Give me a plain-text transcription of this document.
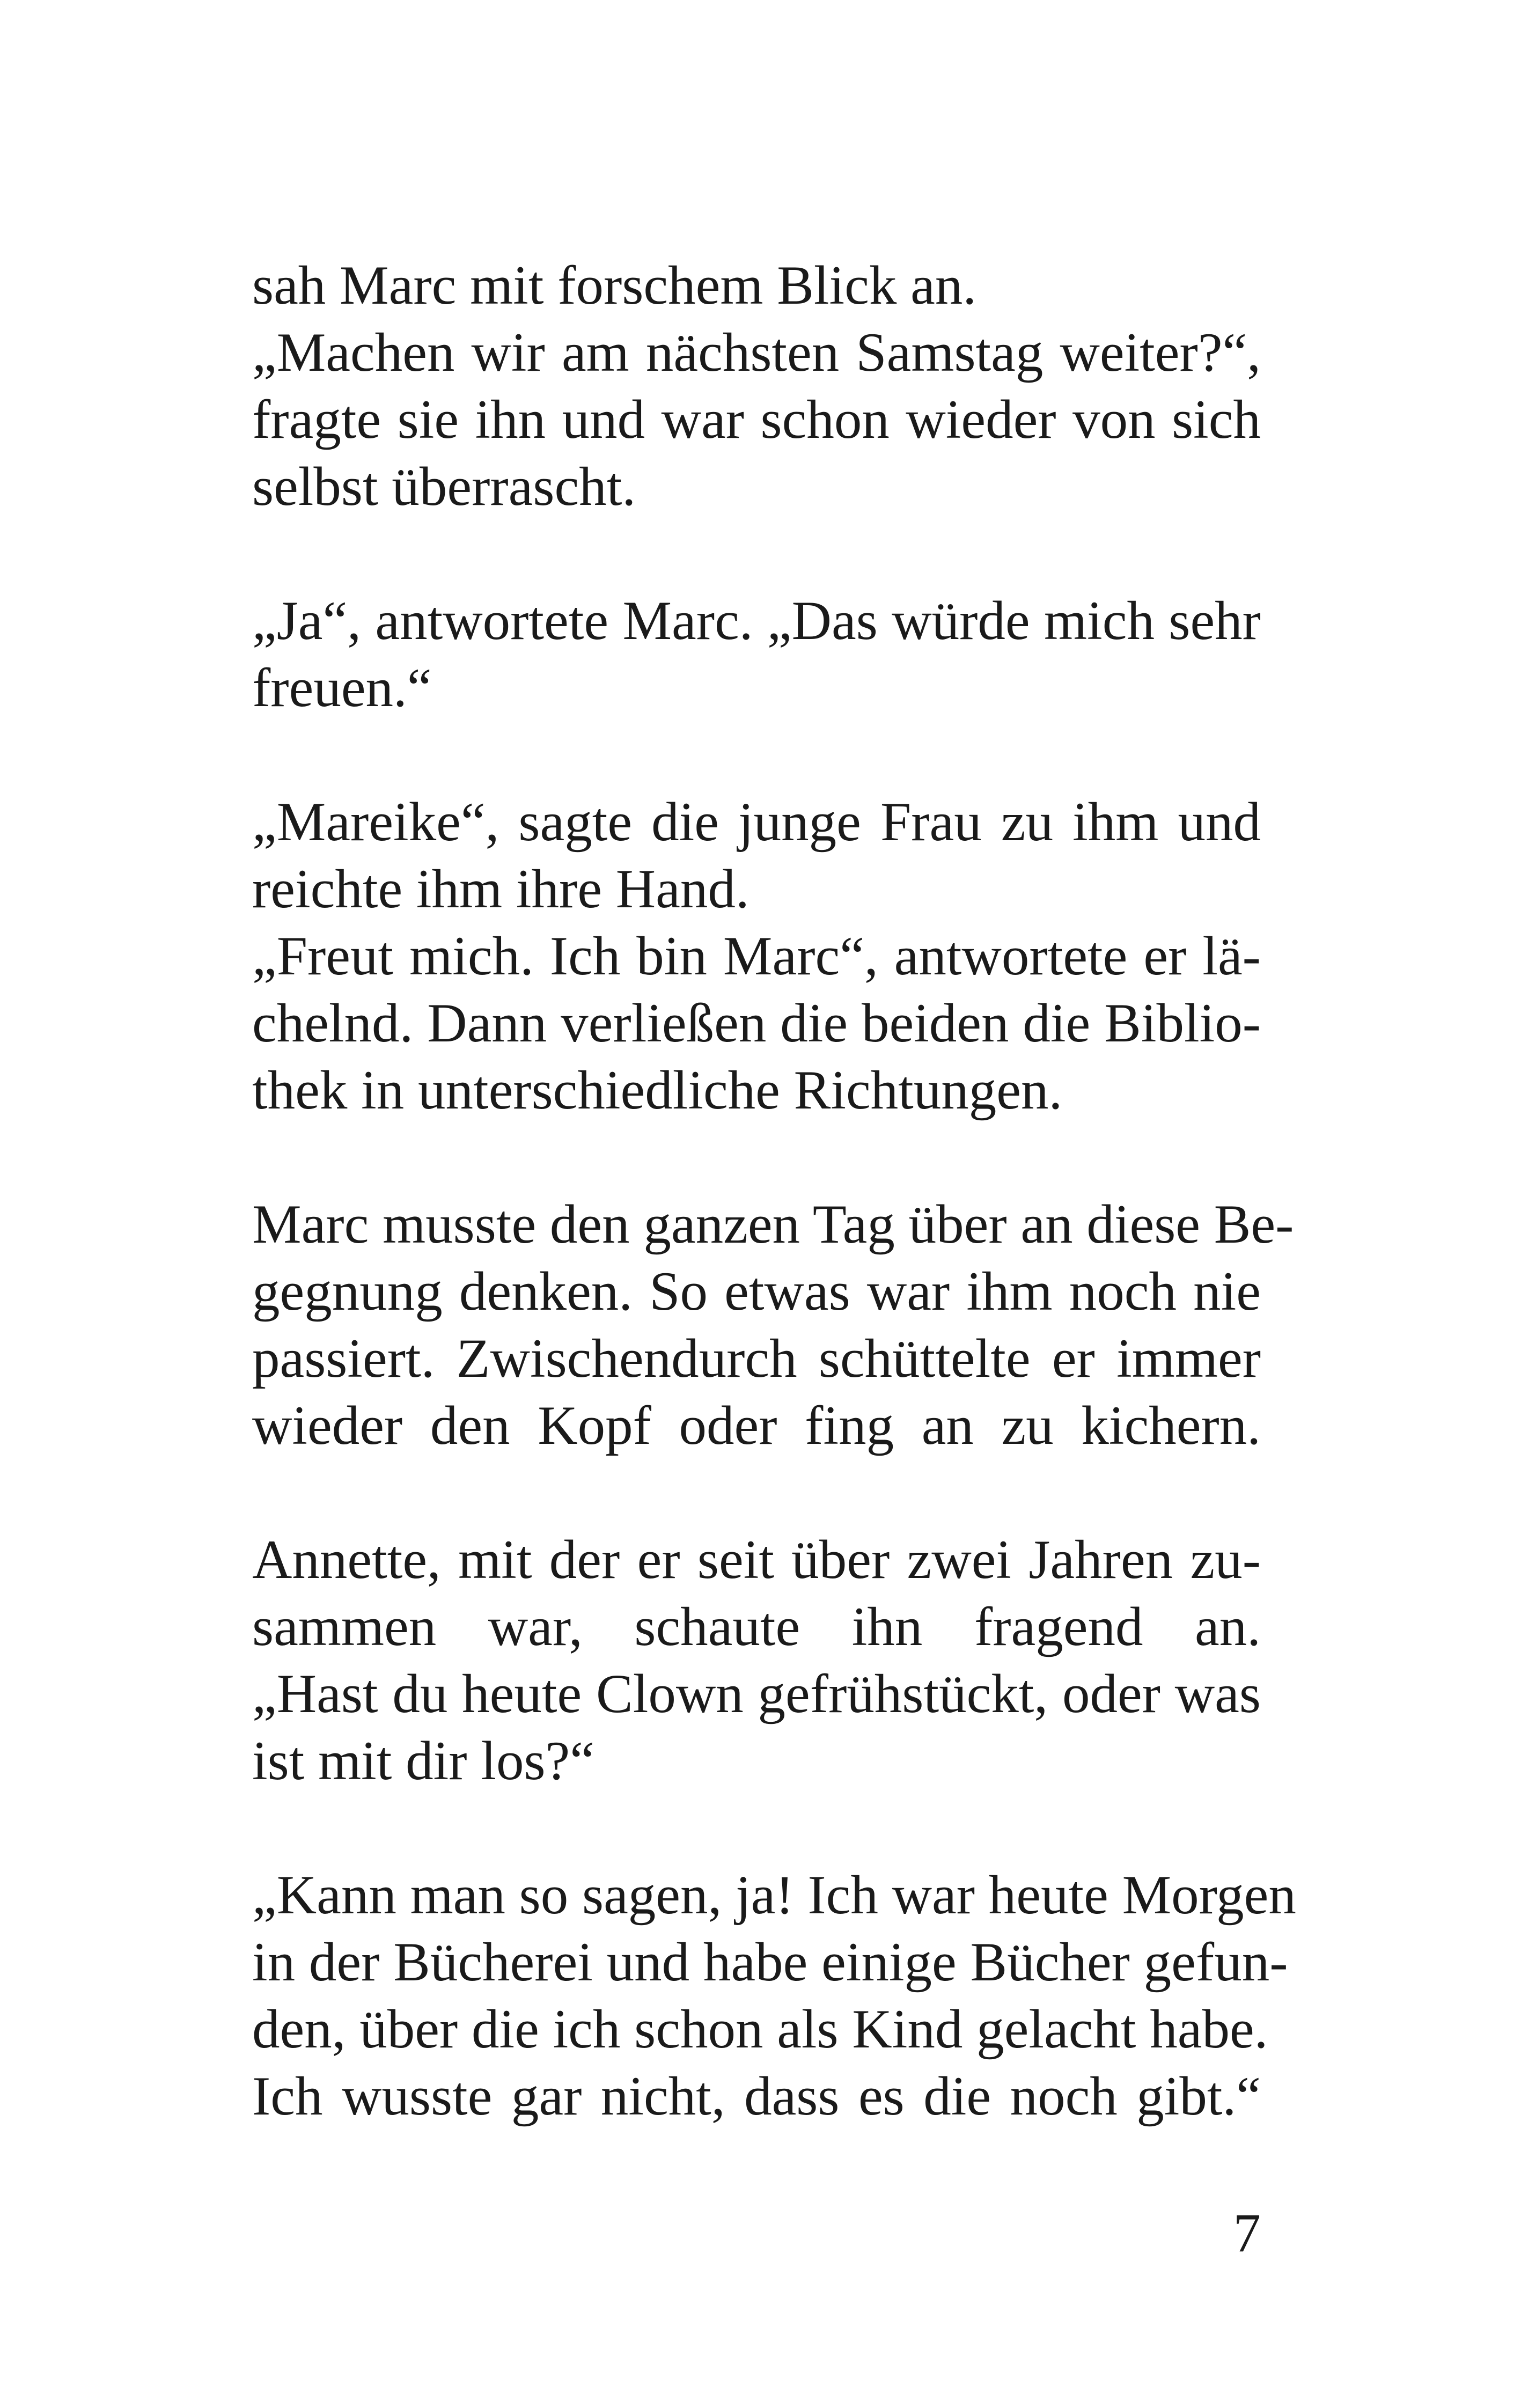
sah Marc mit forschem Blick an.
„Machen wir am nächsten Samstag weiter?“,
fragte sie ihn und war schon wieder von sich
selbst überrascht.
„Ja“, antwortete Marc. „Das würde mich sehr
freuen.“
„Mareike“, sagte die junge Frau zu ihm und
reichte ihm ihre Hand.
„Freut mich. Ich bin Marc“, antwortete er lä-
chelnd. Dann verließen die beiden die Biblio-
thek in unterschiedliche Richtungen.
Marc musste den ganzen Tag über an diese Be-
gegnung denken. So etwas war ihm noch nie
passiert. Zwischendurch schüttelte er immer
wieder den Kopf oder fing an zu kichern.
Annette, mit der er seit über zwei Jahren zu-
sammen war, schaute ihn fragend an.
„Hast du heute Clown gefrühstückt, oder was
ist mit dir los?“
„Kann man so sagen, ja! Ich war heute Morgen
in der Bücherei und habe einige Bücher gefun-
den, über die ich schon als Kind gelacht habe.
Ich wusste gar nicht, dass es die noch gibt.“
7
